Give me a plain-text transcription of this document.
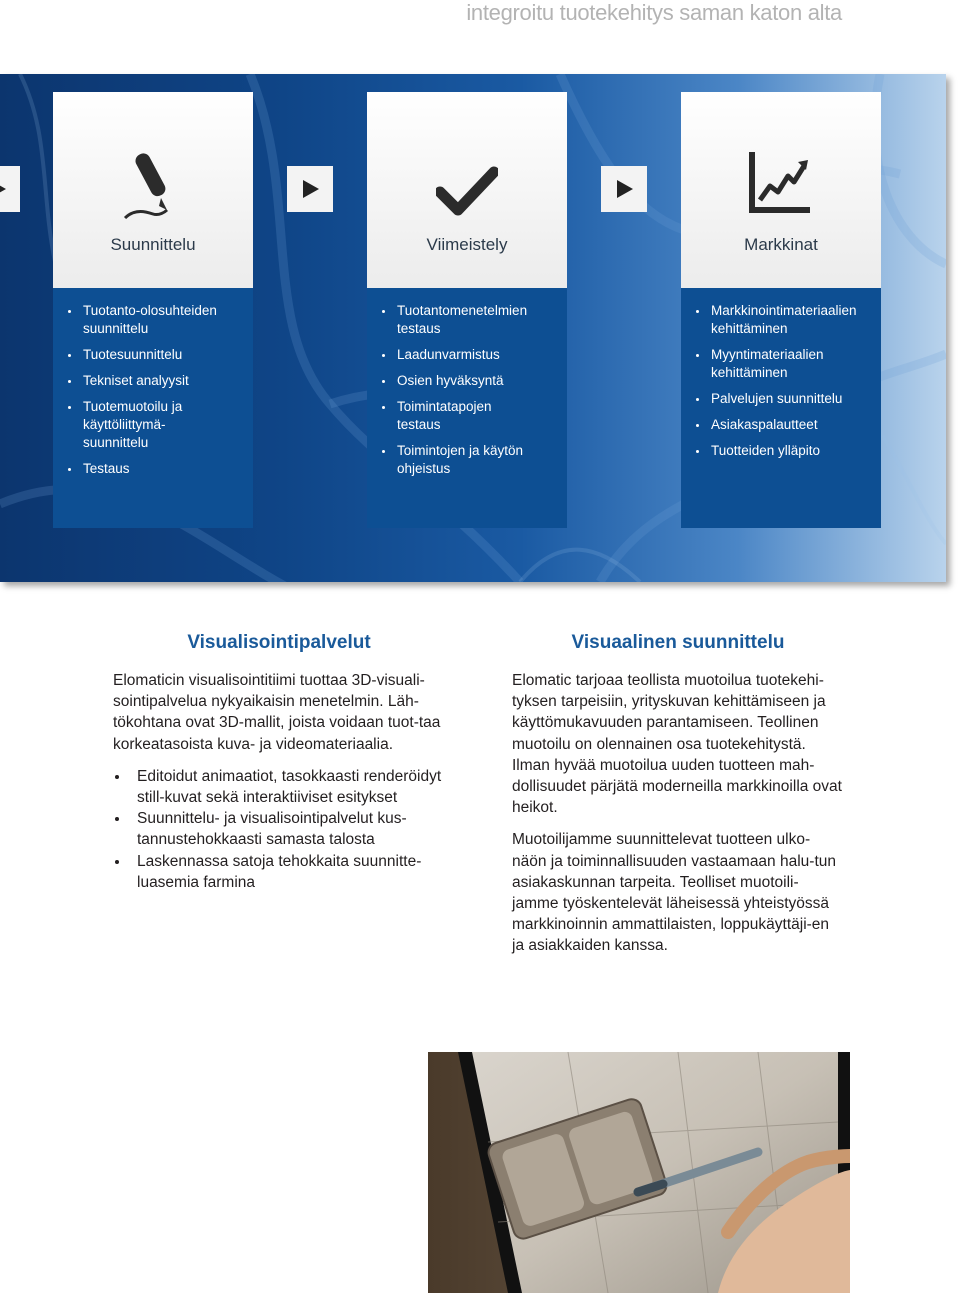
integroitu tuotekehitys saman katon alta
Suunnittelu
Tuotanto-olosuhteiden suunnittelu
Tuotesuunnittelu
Tekniset analyysit
Tuotemuotoilu ja käyttöliittymä-suunnittelu
Testaus
Viimeistely
Tuotantomenetelmien testaus
Laadunvarmistus
Osien hyväksyntä
Toimintatapojen testaus
Toimintojen ja käytön ohjeistus
Markkinat
Markkinointimateriaalien kehittäminen
Myyntimateriaalien kehittäminen
Palvelujen suunnittelu
Asiakaspalautteet
Tuotteiden ylläpito
Visualisointipalvelut

Elomaticin visualisointitiimi tuottaa 3D-visuali-sointipalvelua nykyaikaisin menetelmin. Läh-tökohtana ovat 3D-mallit, joista voidaan tuot-taa korkeatasoista kuva- ja videomateriaalia.

Editoidut animaatiot, tasokkaasti renderöidyt still-kuvat sekä interaktiiviset esitykset
Suunnittelu- ja visualisointipalvelut kus-tannustehokkaasti samasta talosta
Laskennassa satoja tehokkaita suunnitte-luasemia farmina
Visuaalinen suunnittelu

Elomatic tarjoaa teollista muotoilua tuotekehi-tyksen tarpeisiin, yrityskuvan kehittämiseen ja käyttömukavuuden parantamiseen. Teollinen muotoilu on olennainen osa tuotekehitystä. Ilman hyvää muotoilua uuden tuotteen mah-dollisuudet pärjätä moderneilla markkinoilla ovat heikot.

Muotoilijamme suunnittelevat tuotteen ulko-näön ja toiminnallisuuden vastaamaan halu-tun asiakaskunnan tarpeita. Teolliset muotoili-jamme työskentelevät läheisessä yhteistyössä markkinoinnin ammattilaisten, loppukäyttäji-en ja asiakkaiden kanssa.
